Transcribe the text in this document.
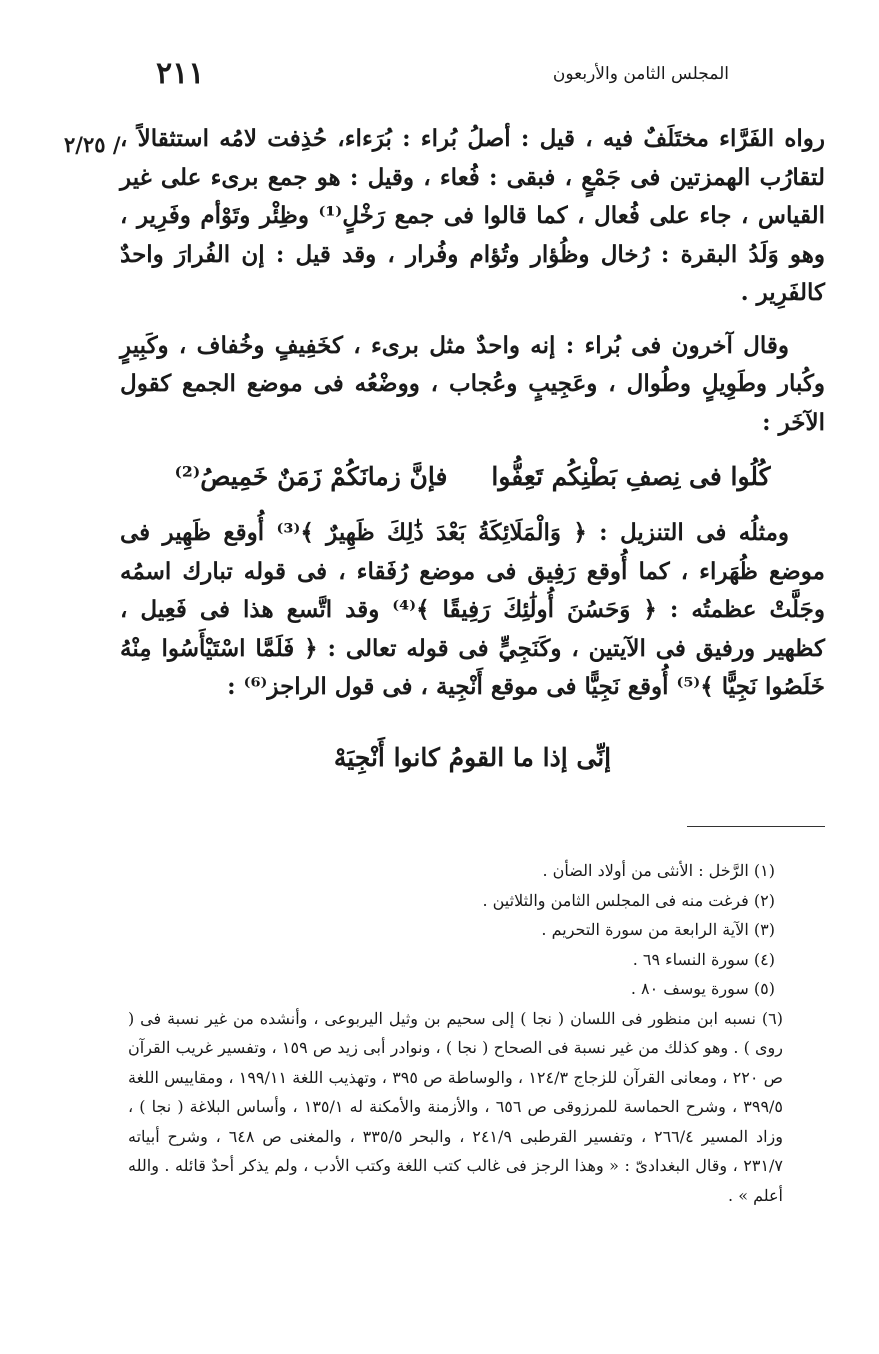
٢١١	المجلس الثامن والأربعون
٢/٢٥ / رواه الفَرَّاء مختَلَفٌ فيه ، قيل : أصلُ بُراء : بُرَءاء، حُذِفت لامُه استثقالاً ، لتقارُب الهمزتين فى جَمْعٍ ، فبقى : فُعاء ، وقيل : هو جمع برىء على غير القياس ، جاء على فُعال ، كما قالوا فى جمع رَخْلٍ⁽¹⁾ وظِئْر وتَوْأم وفَرِير ، وهو وَلَدُ البقرة : رُخال وظُؤار وتُؤام وفُرار ، وقد قيل : إن الفُرارَ واحدٌ كالفَرِير .

وقال آخرون فى بُراء : إنه واحدٌ مثل برىء ، كخَفِيفٍ وخُفاف ، وكَبِيرٍ وكُبار وطَوِيلٍ وطُوال ، وعَجِيبٍ وعُجاب ، ووضْعُه فى موضع الجمع كقول الآخَر :

كُلُوا فى نِصفِ بَطْنِكُم تَعِفُّوا
فإنَّ زمانَكُمْ زَمَنٌ خَمِيصُ⁽²⁾

ومثلُه فى التنزيل : ﴿ وَالْمَلَائِكَةُ بَعْدَ ذَٰلِكَ ظَهِيرٌ ﴾⁽³⁾ أُوقع ظَهِير فى موضع ظُهَراء ، كما أُوقع رَفِيق فى موضع رُفَقاء ، فى قوله تبارك اسمُه وجَلَّتْ عظمتُه : ﴿ وَحَسُنَ أُولَٰئِكَ رَفِيقًا ﴾⁽⁴⁾ وقد اتَّسع هذا فى فَعِيل ، كظهير ورفيق فى الآيتين ، وكَنَجِيٍّ فى قوله تعالى : ﴿ فَلَمَّا اسْتَيْأَسُوا مِنْهُ خَلَصُوا نَجِيًّا ﴾⁽⁵⁾ أُوقع نَجِيًّا فى موقع أَنْجِية ، فى قول الراجز⁽⁶⁾ :

إنِّى إذا ما القومُ كانوا أَنْجِيَهْ

(١) الرَّخل : الأنثى من أولاد الضأن .

(٢) فرغت منه فى المجلس الثامن والثلاثين .

(٣) الآية الرابعة من سورة التحريم .

(٤) سورة النساء ٦٩ .

(٥) سورة يوسف ٨٠ .

(٦) نسبه ابن منظور فى اللسان ( نجا ) إلى سحيم بن وثيل اليربوعى ، وأنشده من غير نسبة فى ( روى ) . وهو كذلك من غير نسبة فى الصحاح ( نجا ) ، ونوادر أبى زيد ص ١٥٩ ، وتفسير غريب القرآن ص ٢٢٠ ، ومعانى القرآن للزجاج ١٢٤/٣ ، والوساطة ص ٣٩٥ ، وتهذيب اللغة ١٩٩/١١ ، ومقاييس اللغة ٣٩٩/٥ ، وشرح الحماسة للمرزوقى ص ٦٥٦ ، والأزمنة والأمكنة له ١٣٥/١ ، وأساس البلاغة ( نجا ) ، وزاد المسير ٢٦٦/٤ ، وتفسير القرطبى ٢٤١/٩ ، والبحر ٣٣٥/٥ ، والمغنى ص ٦٤٨ ، وشرح أبياته ٢٣١/٧ ، وقال البغدادىّ : « وهذا الرجز فى غالب كتب اللغة وكتب الأدب ، ولم يذكر أحدٌ قائله . والله أعلم » .
